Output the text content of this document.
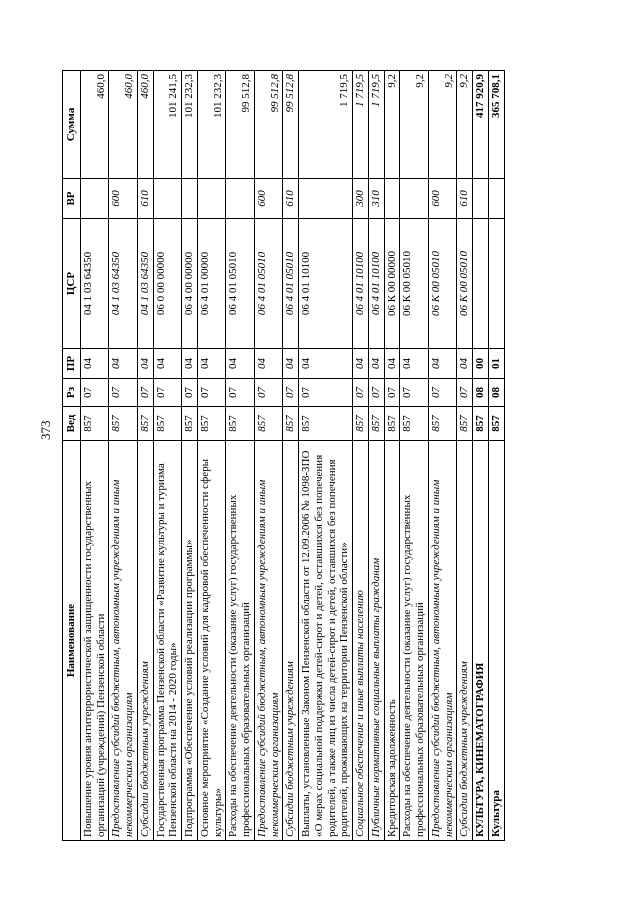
373
Наименование	Вед	Рз	ПР	ЦСР	ВР	Сумма
Повышение уровня антитеррористической защищенности государственных организаций (учреждений) Пензенской области	857	07	04	04 1 03 64350		460,0
Предоставление субсидий бюджетным, автономным учреждениям и иным некоммерческим организациям	857	07	04	04 1 03 64350	600	460,0
Субсидии бюджетным учреждениям	857	07	04	04 1 03 64350	610	460,0
Государственная программа Пензенской области «Развитие культуры и туризма Пензенской области на 2014 - 2020 годы»	857	07	04	06 0 00 00000		101 241,5
Подпрограмма «Обеспечение условий реализации программы»	857	07	04	06 4 00 00000		101 232,3
Основное мероприятие «Создание условий для кадровой обеспеченности сферы культуры»	857	07	04	06 4 01 00000		101 232,3
Расходы на обеспечение деятельности (оказание услуг) государственных профессиональных образовательных организаций	857	07	04	06 4 01 05010		99 512,8
Предоставление субсидий бюджетным, автономным учреждениям и иным некоммерческим организациям	857	07	04	06 4 01 05010	600	99 512,8
Субсидии бюджетным учреждениям	857	07	04	06 4 01 05010	610	99 512,8
Выплаты, установленные Законом Пензенской области от 12.09.2006 № 1098-ЗПО «О мерах социальной поддержки детей-сирот и детей, оставшихся без попечения родителей, а также лиц из числа детей-сирот и детей, оставшихся без попечения родителей, проживающих на территории Пензенской области»	857	07	04	06 4 01 10100		1 719,5
Социальное обеспечение и иные выплаты населению	857	07	04	06 4 01 10100	300	1 719,5
Публичные нормативные социальные выплаты гражданам	857	07	04	06 4 01 10100	310	1 719,5
Кредиторская задолженность	857	07	04	06 К 00 00000		9,2
Расходы на обеспечение деятельности (оказание услуг) государственных профессиональных образовательных организаций	857	07	04	06 К 00 05010		9,2
Предоставление субсидий бюджетным, автономным учреждениям и иным некоммерческим организациям	857	07	04	06 К 00 05010	600	9,2
Субсидии бюджетным учреждениям	857	07	04	06 К 00 05010	610	9,2
КУЛЬТУРА, КИНЕМАТОГРАФИЯ	857	08	00			417 920,9
Культура	857	08	01			365 708,1
